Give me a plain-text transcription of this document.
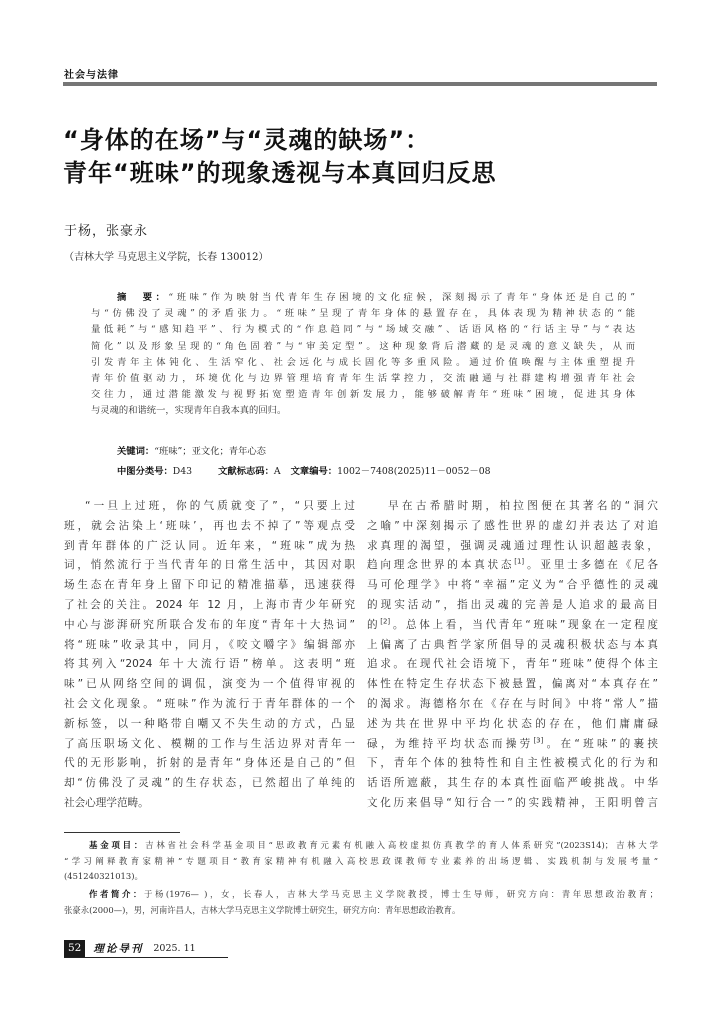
社会与法律
“身体的在场”与“灵魂的缺场”：
青年“班味”的现象透视与本真回归反思
于杨，张豪永
（吉林大学 马克思主义学院，长春 130012）
摘　要：“班味”作为映射当代青年生存困境的文化症候，深刻揭示了青年“身体还是自己的”
与“仿佛没了灵魂”的矛盾张力。“班味”呈现了青年身体的悬置存在，具体表现为精神状态的“能
量低耗”与“感知趋平”、行为模式的“作息趋同”与“场域交融”、话语风格的“行话主导”与“表达
简化”以及形象呈现的“角色固着”与“审美定型”。这种现象背后潜藏的是灵魂的意义缺失，从而
引发青年主体钝化、生活窄化、社会远化与成长固化等多重风险。通过价值唤醒与主体重塑提升
青年价值驱动力，环境优化与边界管理培育青年生活掌控力，交流融通与社群建构增强青年社会
交往力，通过潜能激发与视野拓宽塑造青年创新发展力，能够破解青年“班味”困境，促进其身体
与灵魂的和谐统一，实现青年自我本真的回归。
关键词：“班味”；亚文化；青年心态
中图分类号：D43	文献标志码：A 文章编号：1002－7408(2025)11－0052－08
“一旦上过班，你的气质就变了”，“只要上过
班，就会沾染上‘班味’，再也去不掉了”等观点受
到青年群体的广泛认同。近年来，“班味”成为热
词，悄然流行于当代青年的日常生活中，其因对职
场生态在青年身上留下印记的精准描摹，迅速获得
了社会的关注。2024 年 12 月，上海市青少年研究
中心与澎湃研究所联合发布的年度“青年十大热词”
将“班味”收录其中，同月，《咬文嚼字》编辑部亦
将其列入“2024 年十大流行语”榜单。这表明“班
味”已从网络空间的调侃，演变为一个值得审视的
社会文化现象。“班味”作为流行于青年群体的一个
新标签，以一种略带自嘲又不失生动的方式，凸显
了高压职场文化、模糊的工作与生活边界对青年一
代的无形影响，折射的是青年“身体还是自己的”但
却“仿佛没了灵魂”的生存状态，已然超出了单纯的
社会心理学范畴。
早在古希腊时期，柏拉图便在其著名的“洞穴
之喻”中深刻揭示了感性世界的虚幻并表达了对追
求真理的渴望，强调灵魂通过理性认识超越表象，
趋向理念世界的本真状态[1]。亚里士多德在《尼各
马可伦理学》中将“幸福”定义为“合乎德性的灵魂
的现实活动”，指出灵魂的完善是人追求的最高目
的[2]。总体上看，当代青年“班味”现象在一定程度
上偏离了古典哲学家所倡导的灵魂积极状态与本真
追求。在现代社会语境下，青年“班味”使得个体主
体性在特定生存状态下被悬置，偏离对“本真存在”
的渴求。海德格尔在《存在与时间》中将“常人”描
述为共在世界中平均化状态的存在，他们庸庸碌
碌，为维持平均状态而操劳[3]。在“班味”的裹挟
下，青年个体的独特性和自主性被模式化的行为和
话语所遮蔽，其生存的本真性面临严峻挑战。中华
文化历来倡导“知行合一”的实践精神，王阳明曾言
基金项目：吉林省社会科学基金项目“思政教育元素有机融入高校虚拟仿真教学的育人体系研究”(2023S14)；吉林大学
“学习阐释教育家精神”专题项目“教育家精神有机融入高校思政课教师专业素养的出场逻辑、实践机制与发展考量”
(451240321013)。
作者简介：于杨(1976— )，女，长春人，吉林大学马克思主义学院教授，博士生导师，研究方向：青年思想政治教育；
张豪永(2000—)，男，河南许昌人，吉林大学马克思主义学院博士研究生，研究方向：青年思想政治教育。
52	理论导刊 2025. 11
